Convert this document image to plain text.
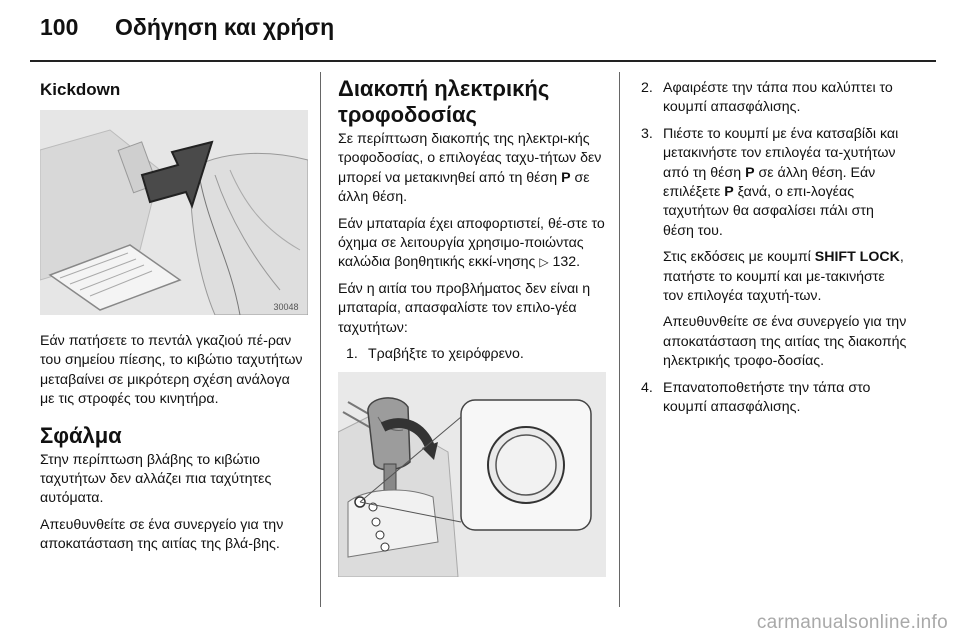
100 Οδήγηση και χρήση
Kickdown
30048

Εάν πατήσετε το πεντάλ γκαζιού πέ-ραν του σημείου πίεσης, το κιβώτιο ταχυτήτων μεταβαίνει σε μικρότερη σχέση ανάλογα με τις στροφές του κινητήρα.

Σφάλμα

Στην περίπτωση βλάβης το κιβώτιο ταχυτήτων δεν αλλάζει πια ταχύτητες αυτόματα.

Απευθυνθείτε σε ένα συνεργείο για την αποκατάσταση της αιτίας της βλά-βης.

Διακοπή ηλεκτρικής τροφοδοσίας

Σε περίπτωση διακοπής της ηλεκτρι-κής τροφοδοσίας, ο επιλογέας ταχυ-τήτων δεν μπορεί να μετακινηθεί από τη θέση P σε άλλη θέση.

Εάν μπαταρία έχει αποφορτιστεί, θέ-στε το όχημα σε λειτουργία χρησιμο-ποιώντας καλώδια βοηθητικής εκκί-νησης ▷ 132.

Εάν η αιτία του προβλήματος δεν είναι η μπαταρία, απασφαλίστε τον επιλο-γέα ταχυτήτων:

1. Τραβήξτε το χειρόφρενο.
2. Αφαιρέστε την τάπα που καλύπτει το κουμπί απασφάλισης.
3. Πιέστε το κουμπί με ένα κατσαβίδι και μετακινήστε τον επιλογέα τα-χυτήτων από τη θέση P σε άλλη θέση. Εάν επιλέξετε P ξανά, ο επι-λογέας ταχυτήτων θα ασφαλίσει πάλι στη θέση του.

Στις εκδόσεις με κουμπί SHIFT LOCK, πατήστε το κουμπί και με-τακινήστε τον επιλογέα ταχυτή-των.

Απευθυνθείτε σε ένα συνεργείο για την αποκατάσταση της αιτίας της διακοπής ηλεκτρικής τροφο-δοσίας.

4. Επανατοποθετήστε την τάπα στο κουμπί απασφάλισης.
carmanualsonline.info
